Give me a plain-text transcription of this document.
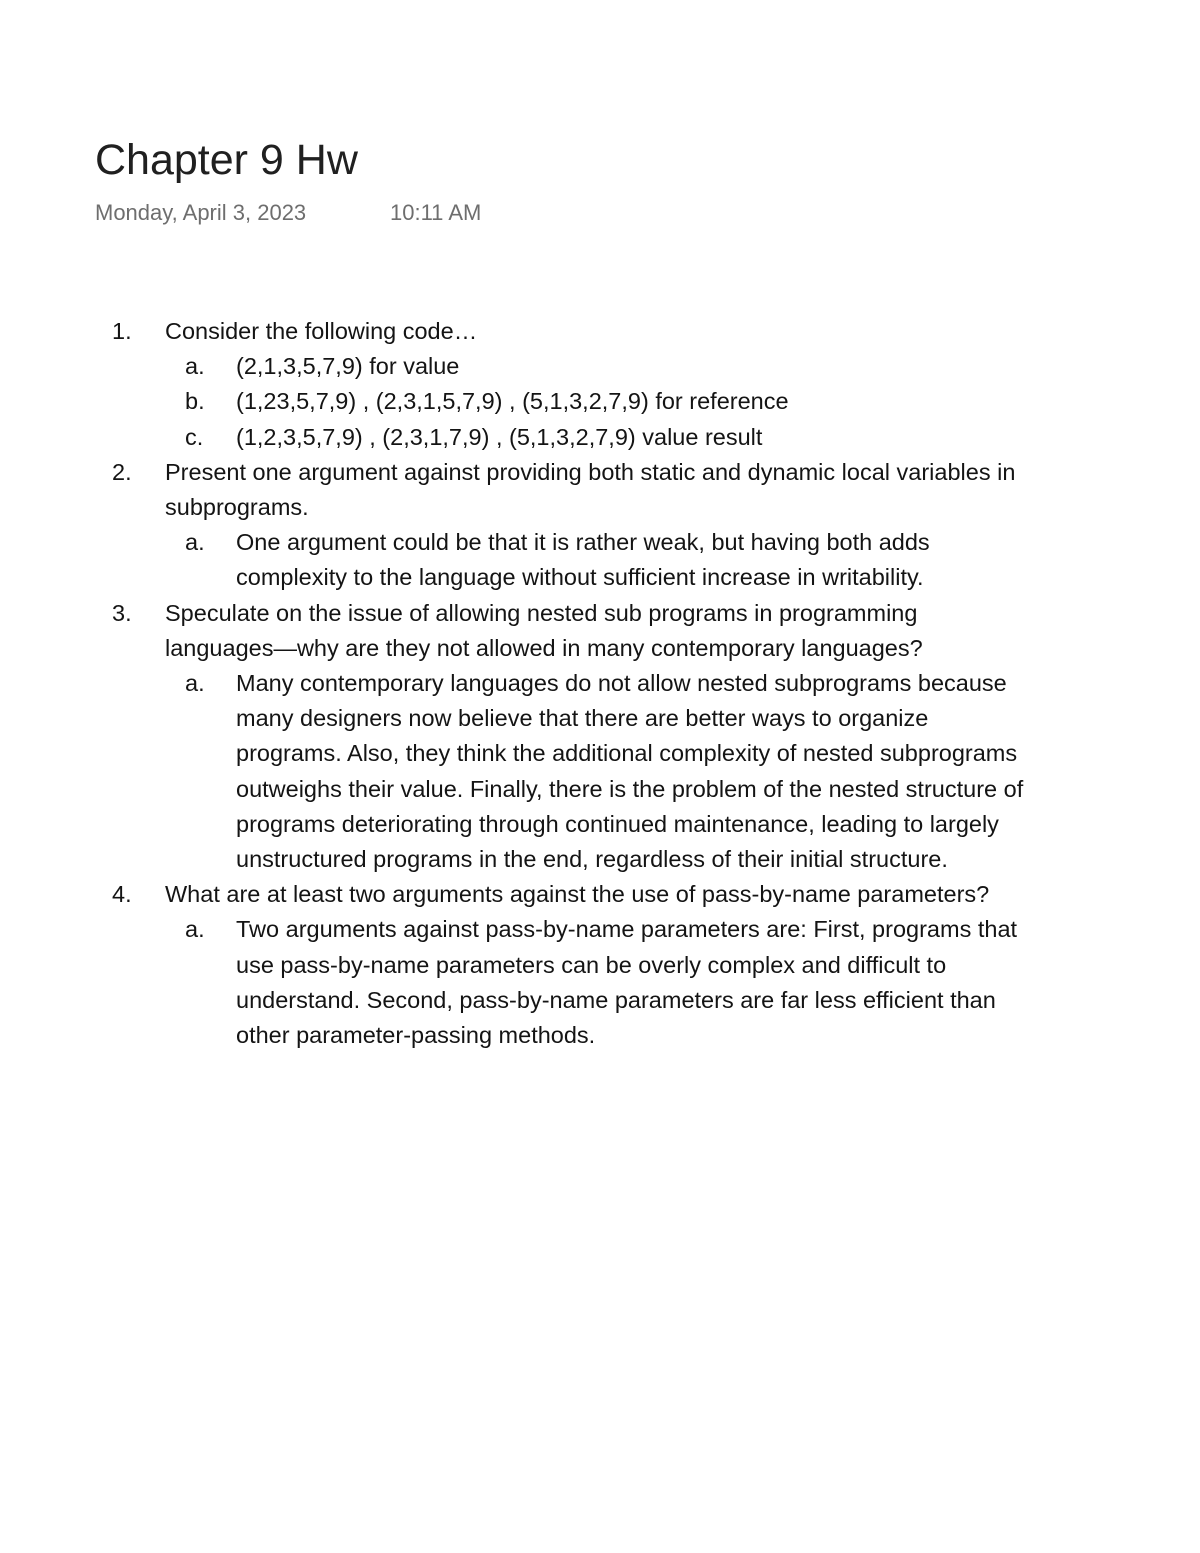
Chapter 9 Hw
Monday, April 3, 2023	10:11 AM
1.	Consider the following code…
a.	(2,1,3,5,7,9) for value
b.	(1,23,5,7,9) , (2,3,1,5,7,9) , (5,1,3,2,7,9) for reference
c.	(1,2,3,5,7,9) , (2,3,1,7,9) , (5,1,3,2,7,9) value result
2.	Present one argument against providing both static and dynamic local variables in subprograms.
a.	One argument could be that it is rather weak, but having both adds complexity to the language without sufficient increase in writability.
3.	Speculate on the issue of allowing nested sub programs in programming languages—why are they not allowed in many contemporary languages?
a.	Many contemporary languages do not allow nested subprograms because many designers now believe that there are better ways to organize programs. Also, they think the additional complexity of nested subprograms outweighs their value. Finally, there is the problem of the nested structure of programs deteriorating through continued maintenance, leading to largely unstructured programs in the end, regardless of their initial structure.
4.	What are at least two arguments against the use of pass-by-name parameters?
a.	Two arguments against pass-by-name parameters are: First, programs that use pass-by-name parameters can be overly complex and difficult to understand. Second, pass-by-name parameters are far less efficient than other parameter-passing methods.
